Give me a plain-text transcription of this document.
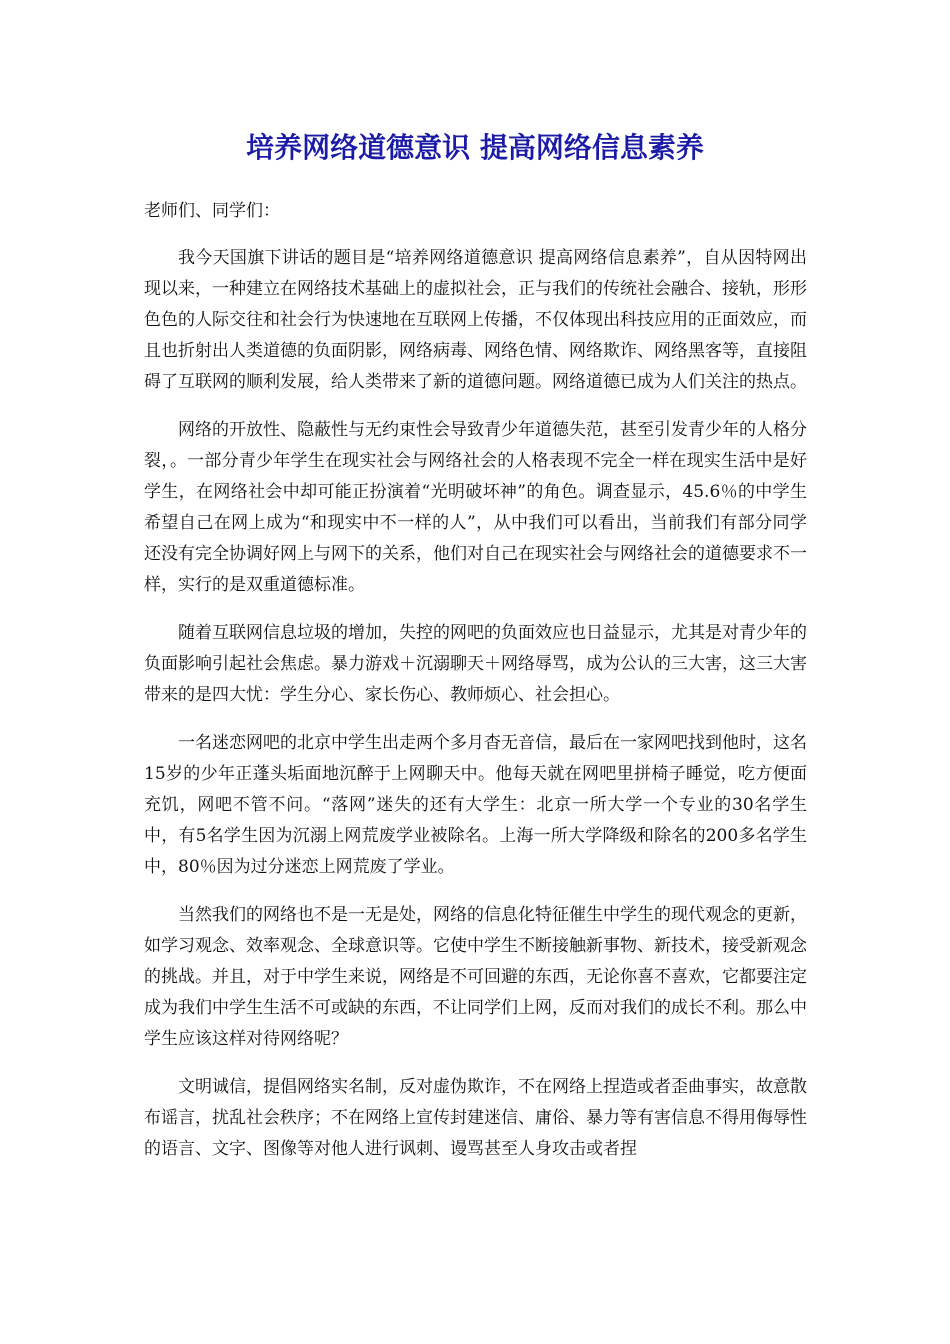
培养网络道德意识 提高网络信息素养

老师们、同学们：

我今天国旗下讲话的题目是“培养网络道德意识 提高网络信息素养”，自从因特网出现以来，一种建立在网络技术基础上的虚拟社会，正与我们的传统社会融合、接轨，形形色色的人际交往和社会行为快速地在互联网上传播，不仅体现出科技应用的正面效应，而且也折射出人类道德的负面阴影，网络病毒、网络色情、网络欺诈、网络黑客等，直接阻碍了互联网的顺利发展，给人类带来了新的道德问题。网络道德已成为人们关注的热点。

网络的开放性、隐蔽性与无约束性会导致青少年道德失范，甚至引发青少年的人格分裂，。一部分青少年学生在现实社会与网络社会的人格表现不完全一样在现实生活中是好学生，在网络社会中却可能正扮演着“光明破坏神”的角色。调查显示，45.6％的中学生希望自己在网上成为“和现实中不一样的人”，从中我们可以看出，当前我们有部分同学还没有完全协调好网上与网下的关系，他们对自己在现实社会与网络社会的道德要求不一样，实行的是双重道德标准。

随着互联网信息垃圾的增加，失控的网吧的负面效应也日益显示，尤其是对青少年的负面影响引起社会焦虑。暴力游戏＋沉溺聊天＋网络辱骂，成为公认的三大害，这三大害带来的是四大忧：学生分心、家长伤心、教师烦心、社会担心。

一名迷恋网吧的北京中学生出走两个多月杳无音信，最后在一家网吧找到他时，这名15岁的少年正蓬头垢面地沉醉于上网聊天中。他每天就在网吧里拼椅子睡觉，吃方便面充饥，网吧不管不问。“落网”迷失的还有大学生：北京一所大学一个专业的30名学生中，有5名学生因为沉溺上网荒废学业被除名。上海一所大学降级和除名的200多名学生中，80％因为过分迷恋上网荒废了学业。

当然我们的网络也不是一无是处，网络的信息化特征催生中学生的现代观念的更新，如学习观念、效率观念、全球意识等。它使中学生不断接触新事物、新技术，接受新观念的挑战。并且，对于中学生来说，网络是不可回避的东西，无论你喜不喜欢，它都要注定成为我们中学生生活不可或缺的东西，不让同学们上网，反而对我们的成长不利。那么中学生应该这样对待网络呢？

文明诚信，提倡网络实名制，反对虚伪欺诈，不在网络上捏造或者歪曲事实，故意散布谣言，扰乱社会秩序；不在网络上宣传封建迷信、庸俗、暴力等有害信息不得用侮辱性的语言、文字、图像等对他人进行讽刺、谩骂甚至人身攻击或者捏
